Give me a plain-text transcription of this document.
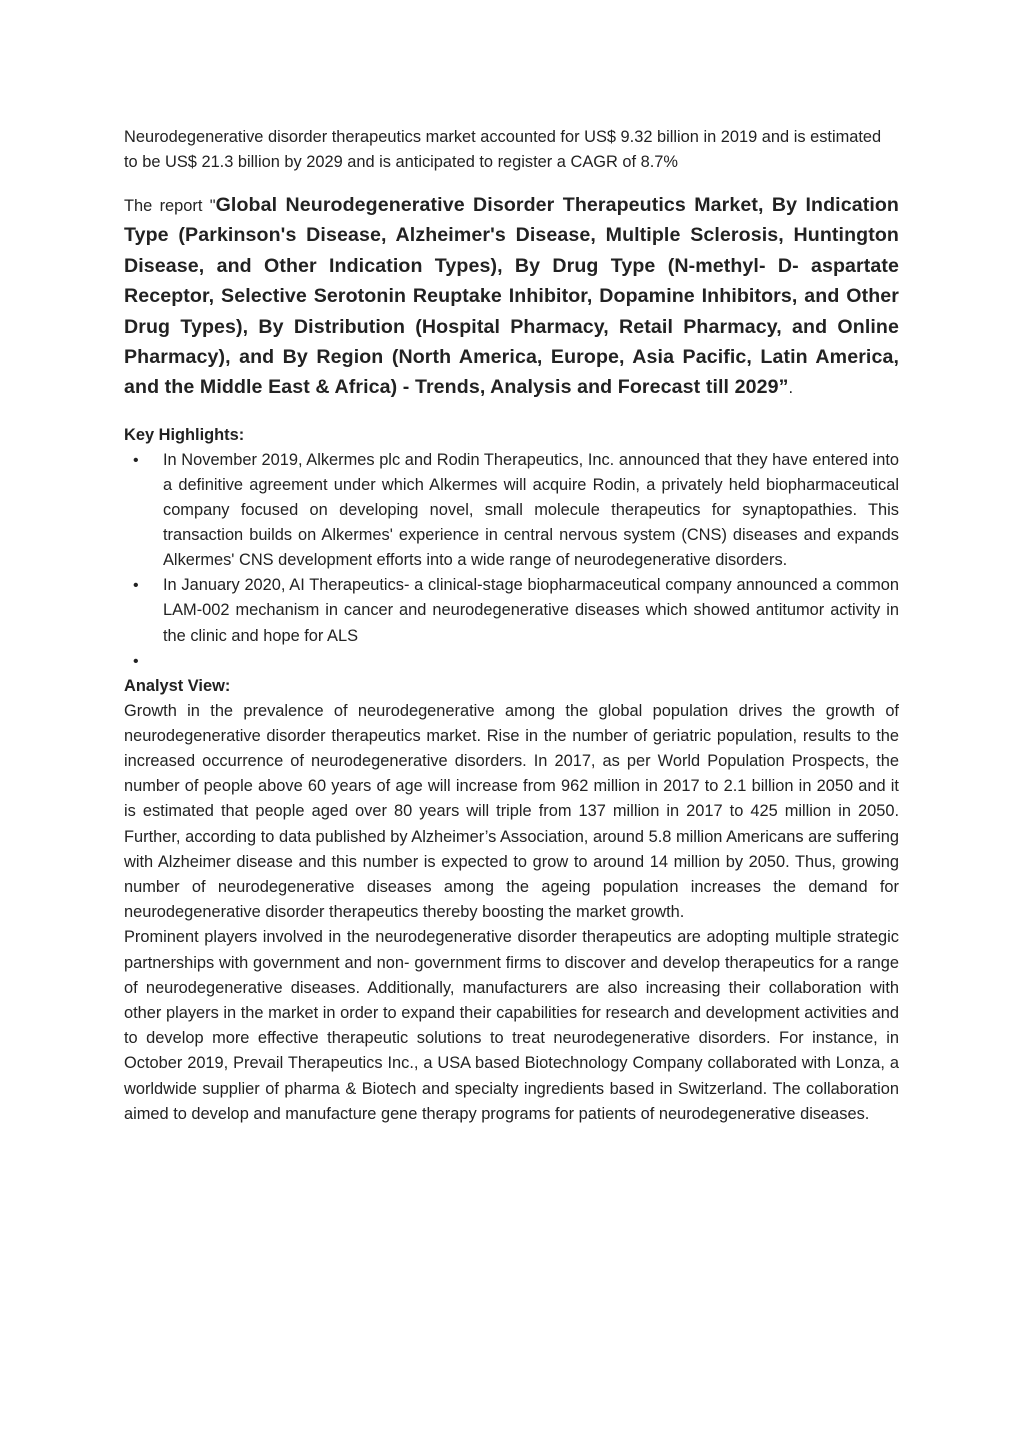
Neurodegenerative disorder therapeutics market accounted for US$ 9.32 billion in 2019 and is estimated to be US$ 21.3 billion by 2029 and is anticipated to register a CAGR of 8.7%

The report "Global Neurodegenerative Disorder Therapeutics Market, By Indication Type (Parkinson's Disease, Alzheimer's Disease, Multiple Sclerosis, Huntington Disease, and Other Indication Types), By Drug Type (N-methyl- D- aspartate Receptor, Selective Serotonin Reuptake Inhibitor, Dopamine Inhibitors, and Other Drug Types), By Distribution (Hospital Pharmacy, Retail Pharmacy, and Online Pharmacy), and By Region (North America, Europe, Asia Pacific, Latin America, and the Middle East & Africa) - Trends, Analysis and Forecast till 2029”.

Key Highlights:

• In November 2019, Alkermes plc and Rodin Therapeutics, Inc. announced that they have entered into a definitive agreement under which Alkermes will acquire Rodin, a privately held biopharmaceutical company focused on developing novel, small molecule therapeutics for synaptopathies. This transaction builds on Alkermes' experience in central nervous system (CNS) diseases and expands Alkermes' CNS development efforts into a wide range of neurodegenerative disorders.
• In January 2020, AI Therapeutics- a clinical-stage biopharmaceutical company announced a common LAM-002 mechanism in cancer and neurodegenerative diseases which showed antitumor activity in the clinic and hope for ALS
•

Analyst View:

Growth in the prevalence of neurodegenerative among the global population drives the growth of neurodegenerative disorder therapeutics market. Rise in the number of geriatric population, results to the increased occurrence of neurodegenerative disorders. In 2017, as per World Population Prospects, the number of people above 60 years of age will increase from 962 million in 2017 to 2.1 billion in 2050 and it is estimated that people aged over 80 years will triple from 137 million in 2017 to 425 million in 2050. Further, according to data published by Alzheimer’s Association, around 5.8 million Americans are suffering with Alzheimer disease and this number is expected to grow to around 14 million by 2050. Thus, growing number of neurodegenerative diseases among the ageing population increases the demand for neurodegenerative disorder therapeutics thereby boosting the market growth.

Prominent players involved in the neurodegenerative disorder therapeutics are adopting multiple strategic partnerships with government and non- government firms to discover and develop therapeutics for a range of neurodegenerative diseases. Additionally, manufacturers are also increasing their collaboration with other players in the market in order to expand their capabilities for research and development activities and to develop more effective therapeutic solutions to treat neurodegenerative disorders. For instance, in October 2019, Prevail Therapeutics Inc., a USA based Biotechnology Company collaborated with Lonza, a worldwide supplier of pharma & Biotech and specialty ingredients based in Switzerland. The collaboration aimed to develop and manufacture gene therapy programs for patients of neurodegenerative diseases.
